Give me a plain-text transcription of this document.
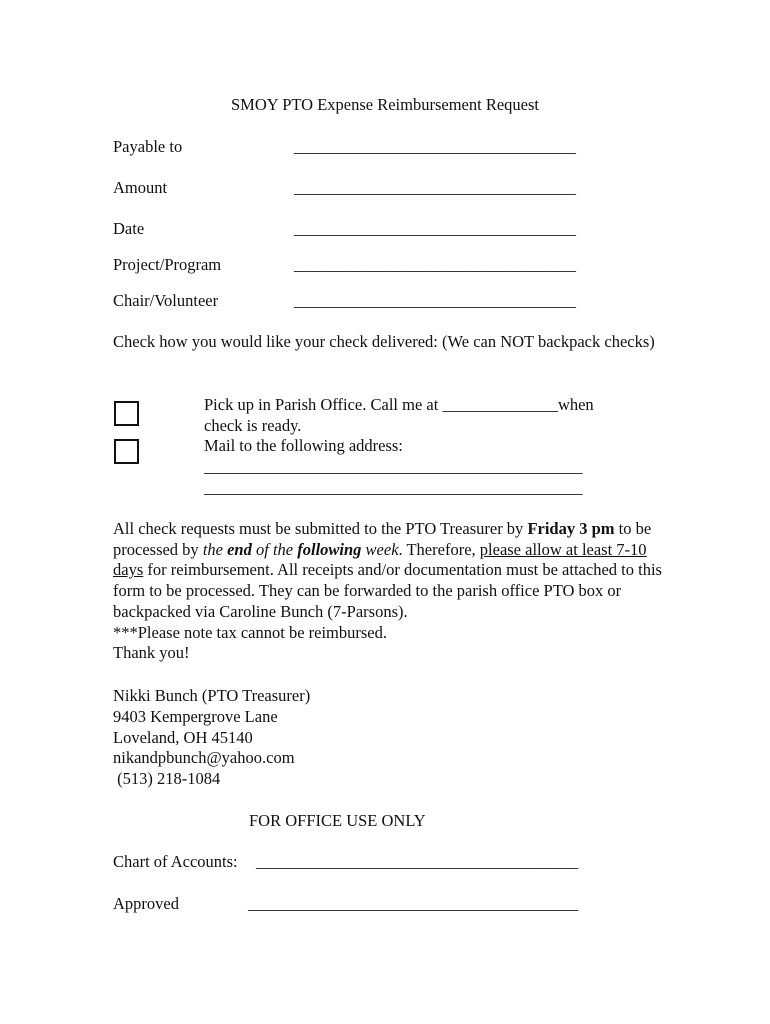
SMOY PTO Expense Reimbursement Request
Payable to	___________________________________
Amount	___________________________________
Date	___________________________________
Project/Program	___________________________________
Chair/Volunteer	___________________________________
Check how you would like your check delivered: (We can NOT backpack checks)
Pick up in Parish Office. Call me at ______________when
check is ready.
Mail to the following address:
_______________________________________________
_______________________________________________
All check requests must be submitted to the PTO Treasurer by Friday 3 pm to be processed by the end of the following week. Therefore, please allow at least 7-10 days for reimbursement. All receipts and/or documentation must be attached to this form to be processed. They can be forwarded to the parish office PTO box or backpacked via Caroline Bunch (7-Parsons).
***Please note tax cannot be reimbursed.
Thank you!
Nikki Bunch (PTO Treasurer)
9403 Kempergrove Lane
Loveland, OH 45140
nikandpbunch@yahoo.com
(513) 218-1084
FOR OFFICE USE ONLY
Chart of Accounts: ________________________________________
Approved	_________________________________________
